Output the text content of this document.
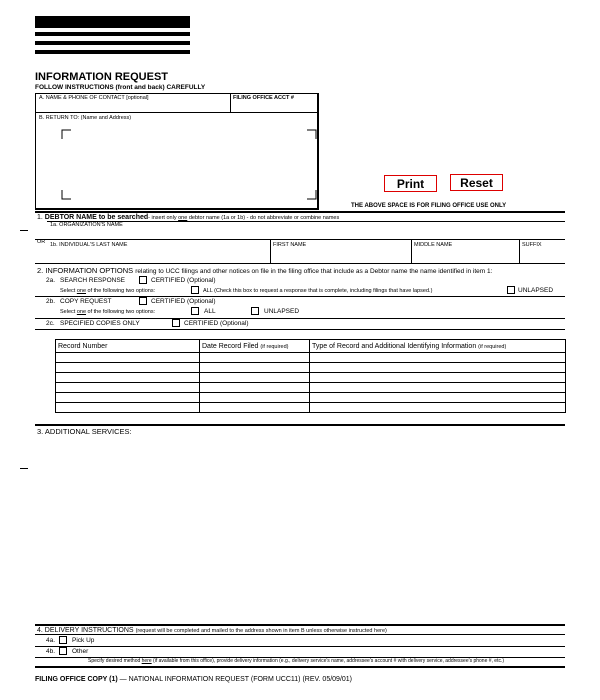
INFORMATION REQUEST
FOLLOW INSTRUCTIONS (front and back) CAREFULLY
A. NAME & PHONE OF CONTACT [optional]	FILING OFFICE ACCT #
B. RETURN TO: (Name and Address)
Print	Reset
THE ABOVE SPACE IS FOR FILING OFFICE USE ONLY
1. DEBTOR NAME to be searched- insert only one debtor name (1a or 1b) - do not abbreviate or combine names
1a. ORGANIZATION'S NAME
OR 1b. INDIVIDUAL'S LAST NAME	FIRST NAME	MIDDLE NAME	SUFFIX
2. INFORMATION OPTIONS relating to UCC filings and other notices on file in the filing office that include as a Debtor name the name identified in item 1:
2a. SEARCH RESPONSE	CERTIFIED (Optional)
Select one of the following two options:	ALL (Check this box to request a response that is complete, including filings that have lapsed.)	UNLAPSED
2b. COPY REQUEST	CERTIFIED (Optional)
Select one of the following two options:	ALL	UNLAPSED
2c. SPECIFIED COPIES ONLY	CERTIFIED (Optional)
Record Number	Date Record Filed (if required)	Type of Record and Additional Identifying Information (if required)

3. ADDITIONAL SERVICES:
4. DELIVERY INSTRUCTIONS (request will be completed and mailed to the address shown in item B unless otherwise instructed here)
4a.	Pick Up
4b.	Other
Specify desired method here (if available from this office), provide delivery information (e.g., delivery service's name, addressee's account # with delivery service, addressee's phone #, etc.)
FILING OFFICE COPY (1) — NATIONAL INFORMATION REQUEST (FORM UCC11) (REV. 05/09/01)
